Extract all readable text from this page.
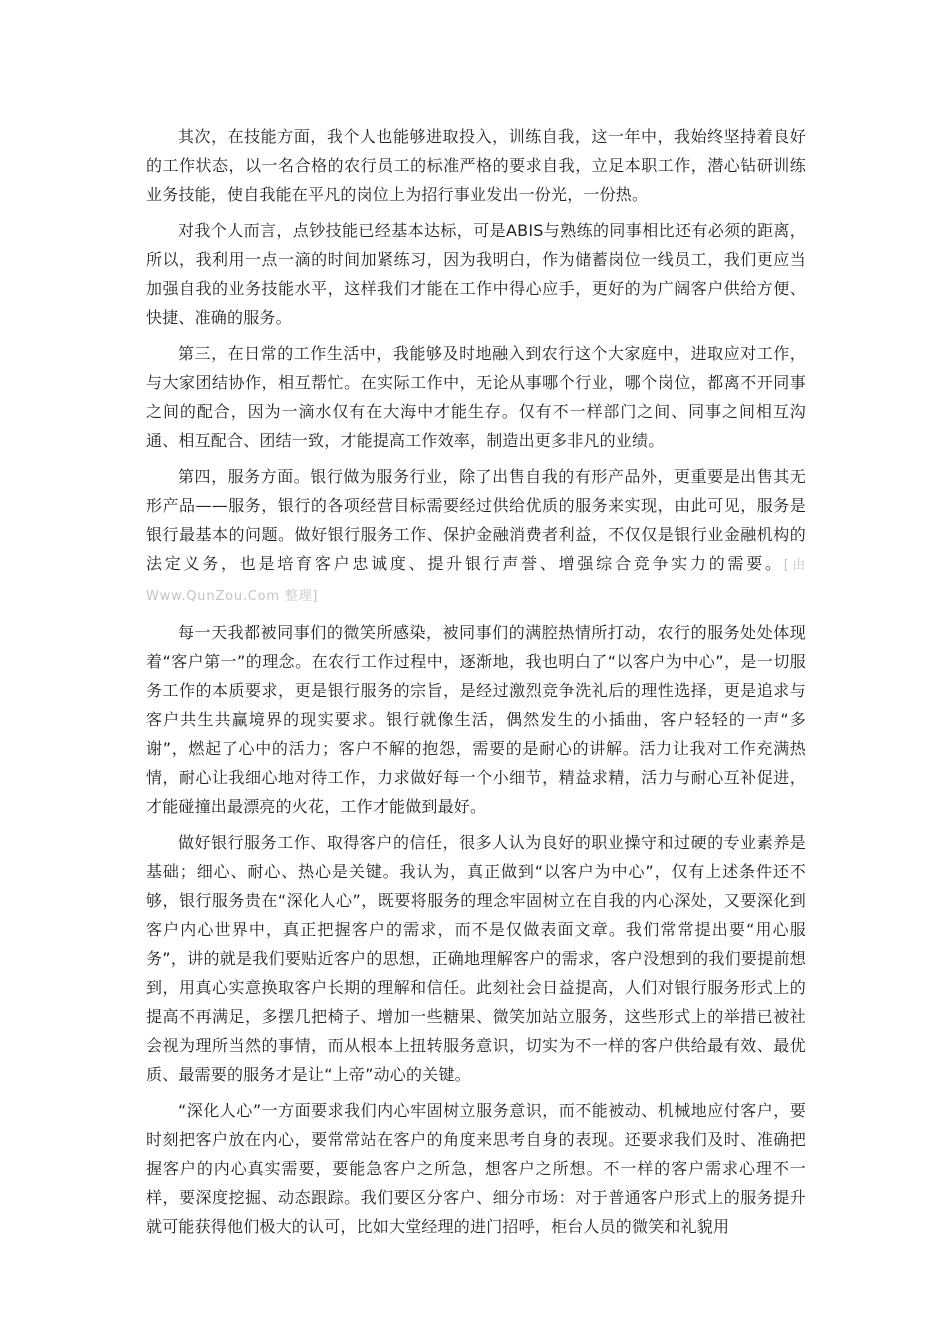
其次，在技能方面，我个人也能够进取投入，训练自我，这一年中，我始终坚持着良好的工作状态，以一名合格的农行员工的标准严格的要求自我，立足本职工作，潜心钻研训练业务技能，使自我能在平凡的岗位上为招行事业发出一份光，一份热。

对我个人而言，点钞技能已经基本达标，可是ABIS与熟练的同事相比还有必须的距离，所以，我利用一点一滴的时间加紧练习，因为我明白，作为储蓄岗位一线员工，我们更应当加强自我的业务技能水平，这样我们才能在工作中得心应手，更好的为广阔客户供给方便、快捷、准确的服务。

第三，在日常的工作生活中，我能够及时地融入到农行这个大家庭中，进取应对工作，与大家团结协作，相互帮忙。在实际工作中，无论从事哪个行业，哪个岗位，都离不开同事之间的配合，因为一滴水仅有在大海中才能生存。仅有不一样部门之间、同事之间相互沟通、相互配合、团结一致，才能提高工作效率，制造出更多非凡的业绩。

第四，服务方面。银行做为服务行业，除了出售自我的有形产品外，更重要是出售其无形产品——服务，银行的各项经营目标需要经过供给优质的服务来实现，由此可见，服务是银行最基本的问题。做好银行服务工作、保护金融消费者利益，不仅仅是银行业金融机构的法定义务，也是培育客户忠诚度、提升银行声誉、增强综合竞争实力的需要。[由 Www.QunZou.Com 整理]

每一天我都被同事们的微笑所感染，被同事们的满腔热情所打动，农行的服务处处体现着“客户第一”的理念。在农行工作过程中，逐渐地，我也明白了“以客户为中心”，是一切服务工作的本质要求，更是银行服务的宗旨，是经过激烈竞争洗礼后的理性选择，更是追求与客户共生共赢境界的现实要求。银行就像生活，偶然发生的小插曲，客户轻轻的一声“多谢”，燃起了心中的活力；客户不解的抱怨，需要的是耐心的讲解。活力让我对工作充满热情，耐心让我细心地对待工作，力求做好每一个小细节，精益求精，活力与耐心互补促进，才能碰撞出最漂亮的火花，工作才能做到最好。

做好银行服务工作、取得客户的信任，很多人认为良好的职业操守和过硬的专业素养是基础；细心、耐心、热心是关键。我认为，真正做到“以客户为中心”，仅有上述条件还不够，银行服务贵在“深化人心”，既要将服务的理念牢固树立在自我的内心深处，又要深化到客户内心世界中，真正把握客户的需求，而不是仅做表面文章。我们常常提出要“用心服务”，讲的就是我们要贴近客户的思想，正确地理解客户的需求，客户没想到的我们要提前想到，用真心实意换取客户长期的理解和信任。此刻社会日益提高，人们对银行服务形式上的提高不再满足，多摆几把椅子、增加一些糖果、微笑加站立服务，这些形式上的举措已被社会视为理所当然的事情，而从根本上扭转服务意识，切实为不一样的客户供给最有效、最优质、最需要的服务才是让“上帝”动心的关键。

“深化人心”一方面要求我们内心牢固树立服务意识，而不能被动、机械地应付客户，要时刻把客户放在内心，要常常站在客户的角度来思考自身的表现。还要求我们及时、准确把握客户的内心真实需要，要能急客户之所急，想客户之所想。不一样的客户需求心理不一样，要深度挖掘、动态跟踪。我们要区分客户、细分市场：对于普通客户形式上的服务提升就可能获得他们极大的认可，比如大堂经理的进门招呼，柜台人员的微笑和礼貌用
